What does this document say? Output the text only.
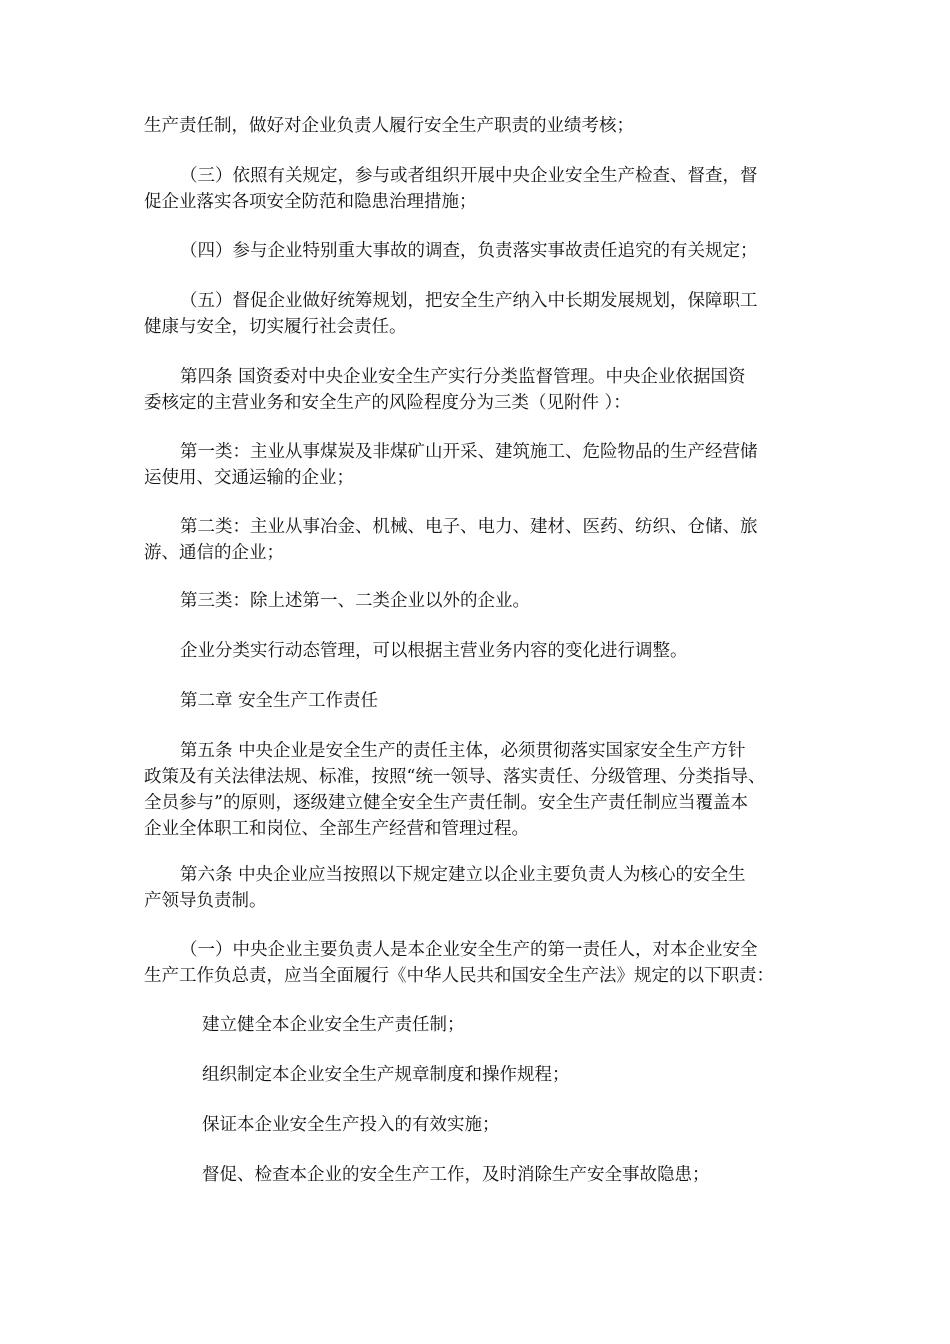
生产责任制，做好对企业负责人履行安全生产职责的业绩考核；

（三）依照有关规定，参与或者组织开展中央企业安全生产检查、督查，督
促企业落实各项安全防范和隐患治理措施；

（四）参与企业特别重大事故的调查，负责落实事故责任追究的有关规定；

（五）督促企业做好统筹规划，把安全生产纳入中长期发展规划，保障职工
健康与安全，切实履行社会责任。

第四条 国资委对中央企业安全生产实行分类监督管理。中央企业依据国资
委核定的主营业务和安全生产的风险程度分为三类（见附件 ）：

第一类：主业从事煤炭及非煤矿山开采、建筑施工、危险物品的生产经营储
运使用、交通运输的企业；

第二类：主业从事冶金、机械、电子、电力、建材、医药、纺织、仓储、旅
游、通信的企业；

第三类：除上述第一、二类企业以外的企业。

企业分类实行动态管理，可以根据主营业务内容的变化进行调整。

第二章 安全生产工作责任

第五条 中央企业是安全生产的责任主体，必须贯彻落实国家安全生产方针
政策及有关法律法规、标准，按照“统一领导、落实责任、分级管理、分类指导、
全员参与”的原则，逐级建立健全安全生产责任制。安全生产责任制应当覆盖本
企业全体职工和岗位、全部生产经营和管理过程。

第六条 中央企业应当按照以下规定建立以企业主要负责人为核心的安全生
产领导负责制。

（一）中央企业主要负责人是本企业安全生产的第一责任人，对本企业安全
生产工作负总责，应当全面履行《中华人民共和国安全生产法》规定的以下职责：

建立健全本企业安全生产责任制；

组织制定本企业安全生产规章制度和操作规程；

保证本企业安全生产投入的有效实施；

督促、检查本企业的安全生产工作，及时消除生产安全事故隐患；
